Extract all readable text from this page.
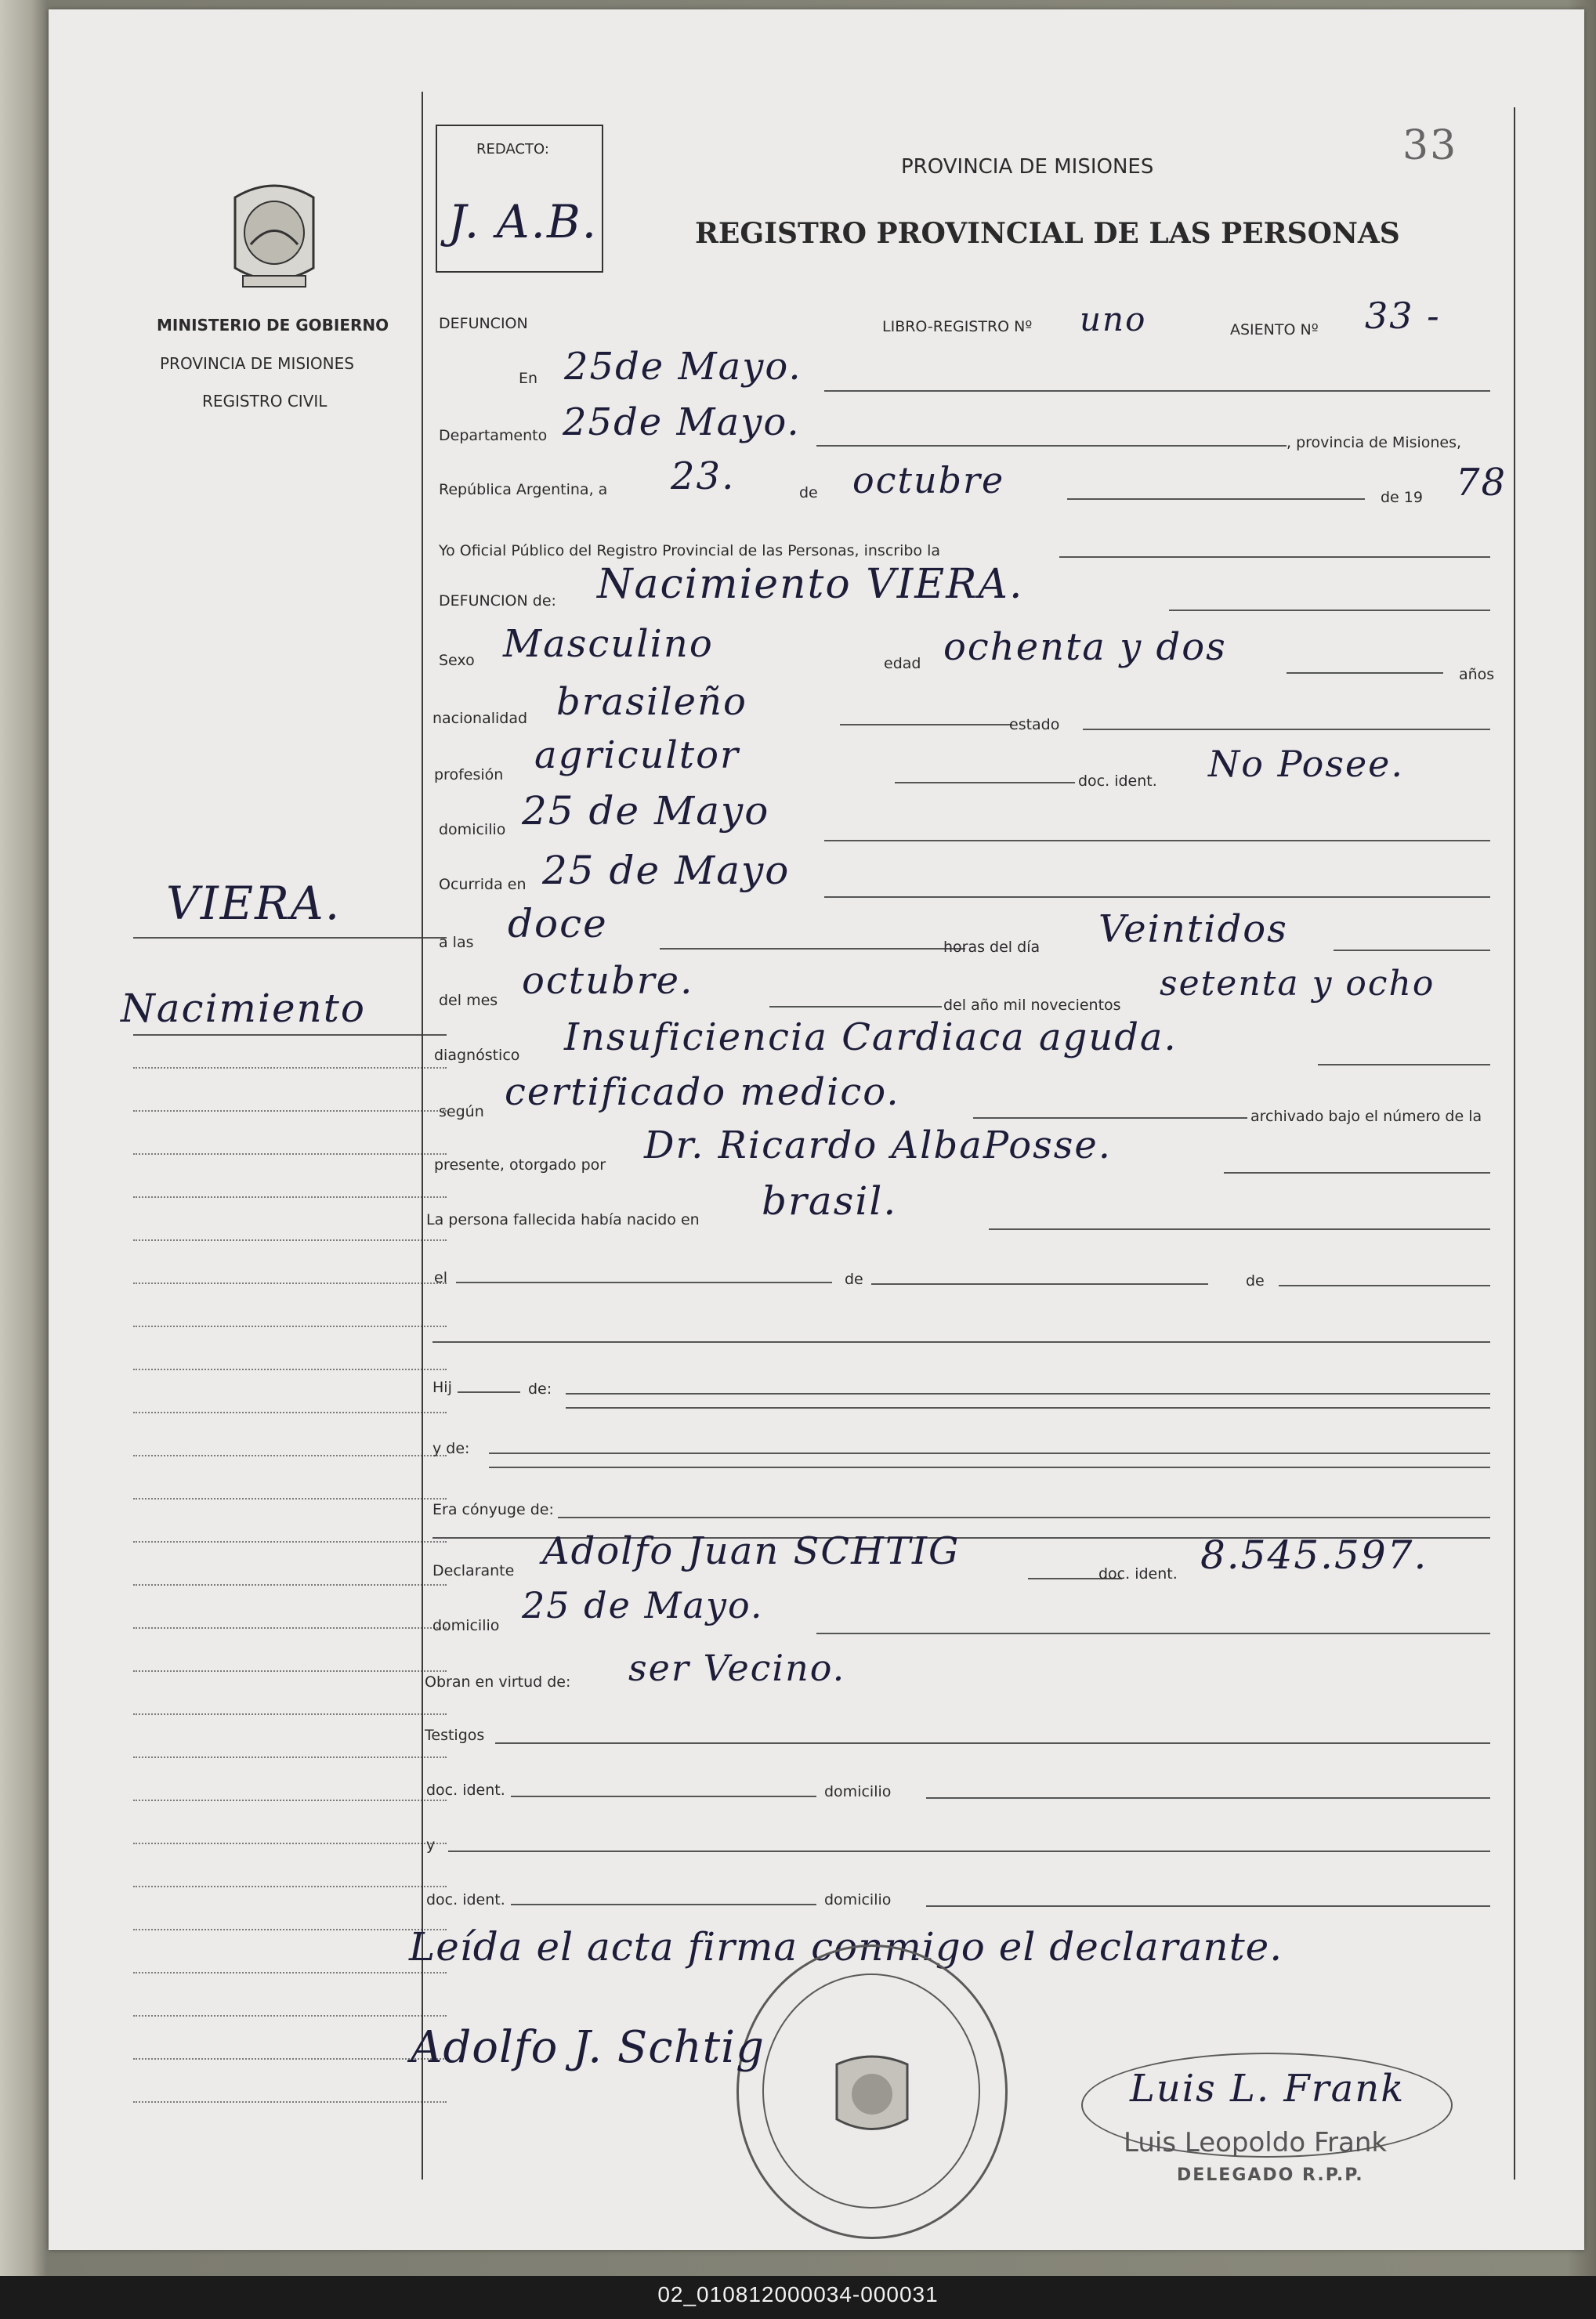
MINISTERIO DE GOBIERNO
PROVINCIA DE MISIONES
REGISTRO CIVIL
VIERA.
Nacimiento
REDACTO:
J. A.B.
PROVINCIA DE MISIONES
REGISTRO PROVINCIAL DE LAS PERSONAS
33
DEFUNCION	LIBRO-REGISTRO Nº uno	ASIENTO Nº 33 -
En 25de Mayo.
Departamento 25de Mayo.	, provincia de Misiones,
República Argentina, a 23.	de octubre	de 19 78
Yo Oficial Público del Registro Provincial de las Personas, inscribo la
DEFUNCION de: Nacimiento VIERA.
Sexo Masculino	edad ochenta y dos
años
nacionalidad brasileño
estado
profesión agricultor
doc. ident. No Posee.
domicilio 25 de Mayo
Ocurrida en 25 de Mayo
a las doce
horas del día Veintidos
del mes octubre.
del año mil novecientos
setenta y ocho
diagnóstico Insuficiencia Cardiaca aguda.
según certificado medico.
archivado bajo el número de la
presente, otorgado por Dr. Ricardo AlbaPosse.
La persona fallecida había nacido en brasil.
el	de	de
Hij	de:
y de:
Era cónyuge de:
Declarante Adolfo Juan SCHTIG
doc. ident. 8.545.597.
domicilio 25 de Mayo.
Obran en virtud de: ser Vecino.
Testigos
doc. ident.	domicilio
y
doc. ident.	domicilio
Leída el acta firma conmigo el declarante.
Adolfo J. Schtig
Luis L. Frank
Luis Leopoldo Frank
DELEGADO R.P.P.
02_010812000034-000031
